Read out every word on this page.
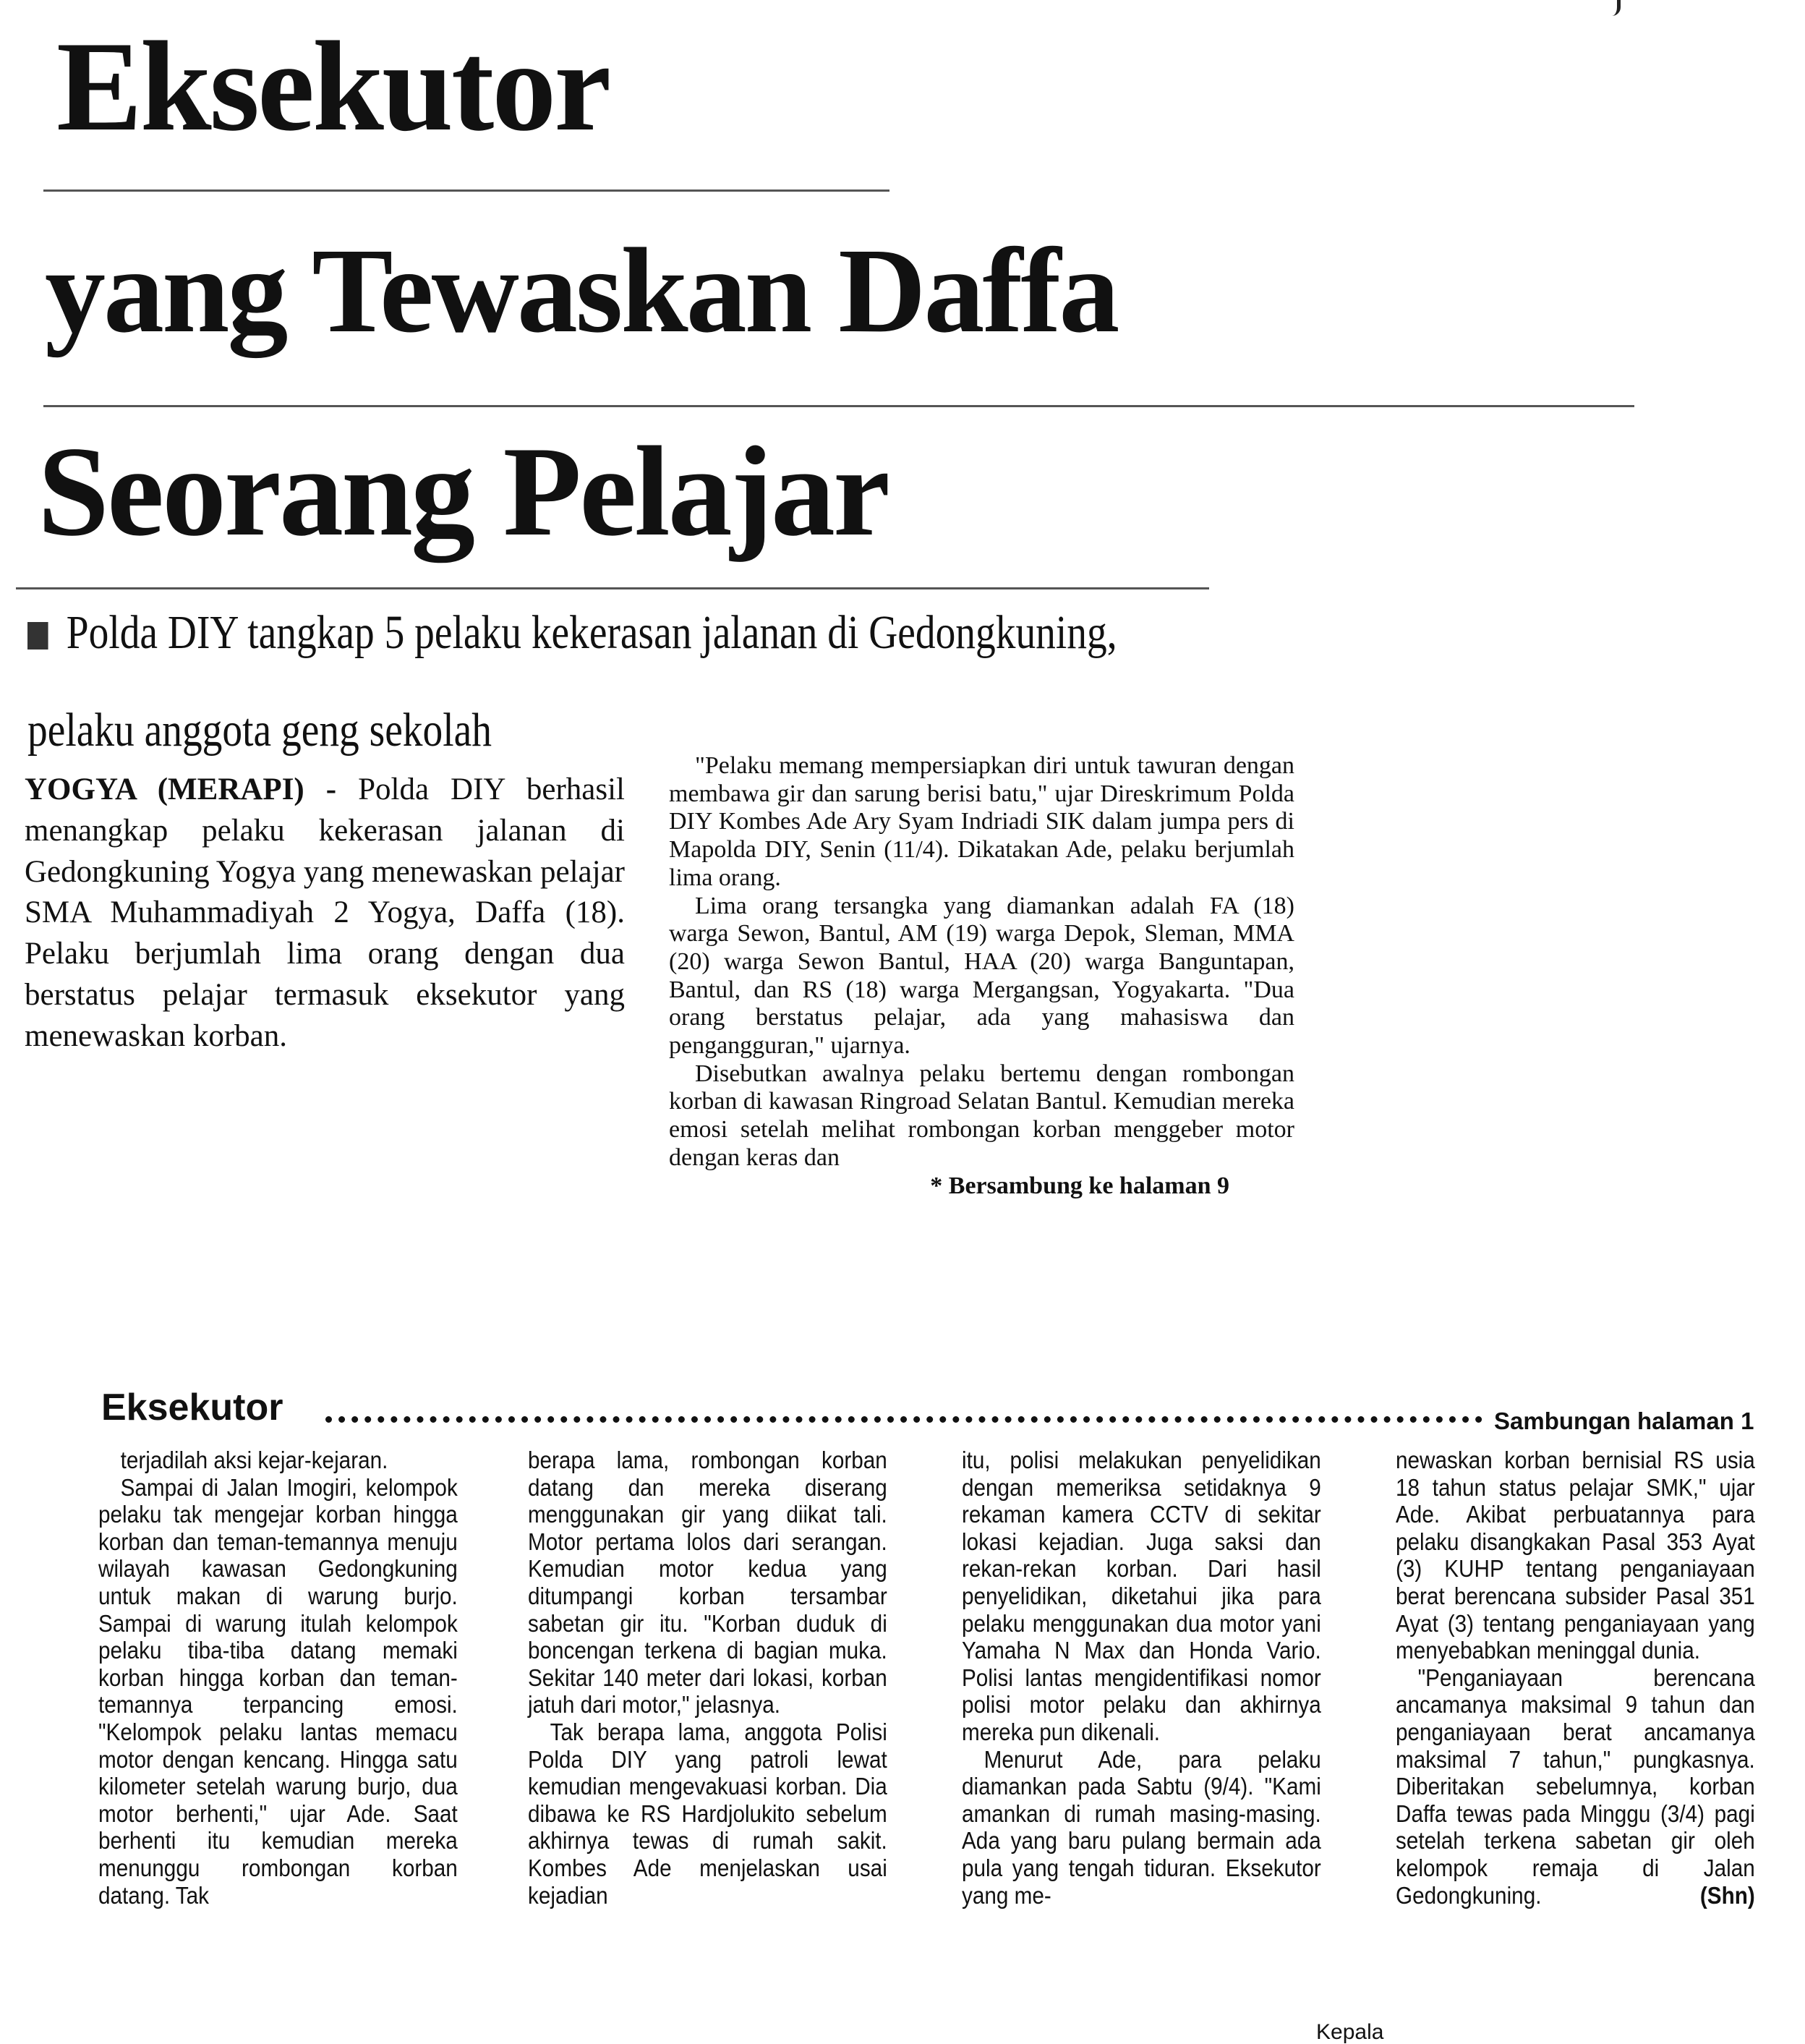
Eksekutor
yang Tewaskan Daffa
Seorang Pelajar
Polda DIY tangkap 5 pelaku kekerasan jalanan di Gedongkuning,
pelaku anggota geng sekolah
YOGYA (MERAPI) - Polda DIY berhasil menangkap pelaku kekerasan jalanan di Gedongkuning Yogya yang menewaskan pelajar SMA Muhammadiyah 2 Yogya, Daffa (18). Pelaku berjumlah lima orang dengan dua berstatus pelajar termasuk eksekutor yang menewaskan korban.

"Pelaku memang mempersiapkan diri untuk tawuran dengan membawa gir dan sarung berisi batu," ujar Direskrimum Polda DIY Kombes Ade Ary Syam Indriadi SIK dalam jumpa pers di Mapolda DIY, Senin (11/4). Dikatakan Ade, pelaku berjumlah lima orang.

Lima orang tersangka yang diamankan adalah FA (18) warga Sewon, Bantul, AM (19) warga Depok, Sleman, MMA (20) warga Sewon Bantul, HAA (20) warga Banguntapan, Bantul, dan RS (18) warga Mergangsan, Yogyakarta. "Dua orang berstatus pelajar, ada yang mahasiswa dan pengangguran," ujarnya.

Disebutkan awalnya pelaku bertemu dengan rombongan korban di kawasan Ringroad Selatan Bantul. Kemudian mereka emosi setelah melihat rombongan korban menggeber motor dengan keras dan

* Bersambung ke halaman 9
Eksekutor	Sambungan halaman 1

terjadilah aksi kejar-kejaran.

Sampai di Jalan Imogiri, kelompok pelaku tak mengejar korban hingga korban dan teman-temannya menuju wilayah kawasan Gedongkuning untuk makan di warung burjo. Sampai di warung itulah kelompok pelaku tiba-tiba datang memaki korban hingga korban dan teman-temannya terpancing emosi. "Kelompok pelaku lantas memacu motor dengan kencang. Hingga satu kilometer setelah warung burjo, dua motor berhenti," ujar Ade. Saat berhenti itu kemudian mereka menunggu rombongan korban datang. Tak

berapa lama, rombongan korban datang dan mereka diserang menggunakan gir yang diikat tali. Motor pertama lolos dari serangan. Kemudian motor kedua yang ditumpangi korban tersambar sabetan gir itu. "Korban duduk di boncengan terkena di bagian muka. Sekitar 140 meter dari lokasi, korban jatuh dari motor," jelasnya.

Tak berapa lama, anggota Polisi Polda DIY yang patroli lewat kemudian mengevakuasi korban. Dia dibawa ke RS Hardjolukito sebelum akhirnya tewas di rumah sakit. Kombes Ade menjelaskan usai kejadian

itu, polisi melakukan penyelidikan dengan memeriksa setidaknya 9 rekaman kamera CCTV di sekitar lokasi kejadian. Juga saksi dan rekan-rekan korban. Dari hasil penyelidikan, diketahui jika para pelaku menggunakan dua motor yani Yamaha N Max dan Honda Vario. Polisi lantas mengidentifikasi nomor polisi motor pelaku dan akhirnya mereka pun dikenali.

Menurut Ade, para pelaku diamankan pada Sabtu (9/4). "Kami amankan di rumah masing-masing. Ada yang baru pulang bermain ada pula yang tengah tiduran. Eksekutor yang me-

newaskan korban bernisial RS usia 18 tahun status pelajar SMK," ujar Ade. Akibat perbuatannya para pelaku disangkakan Pasal 353 Ayat (3) KUHP tentang penganiayaan berat berencana subsider Pasal 351 Ayat (3) tentang penganiayaan yang menyebabkan meninggal dunia.

"Penganiayaan berencana ancamanya maksimal 9 tahun dan penganiayaan berat ancamanya maksimal 7 tahun," pungkasnya. Diberitakan sebelumnya, korban Daffa tewas pada Minggu (3/4) pagi setelah terkena sabetan gir oleh kelompok remaja di Jalan Gedongkuning.	(Shn)

Kepala
